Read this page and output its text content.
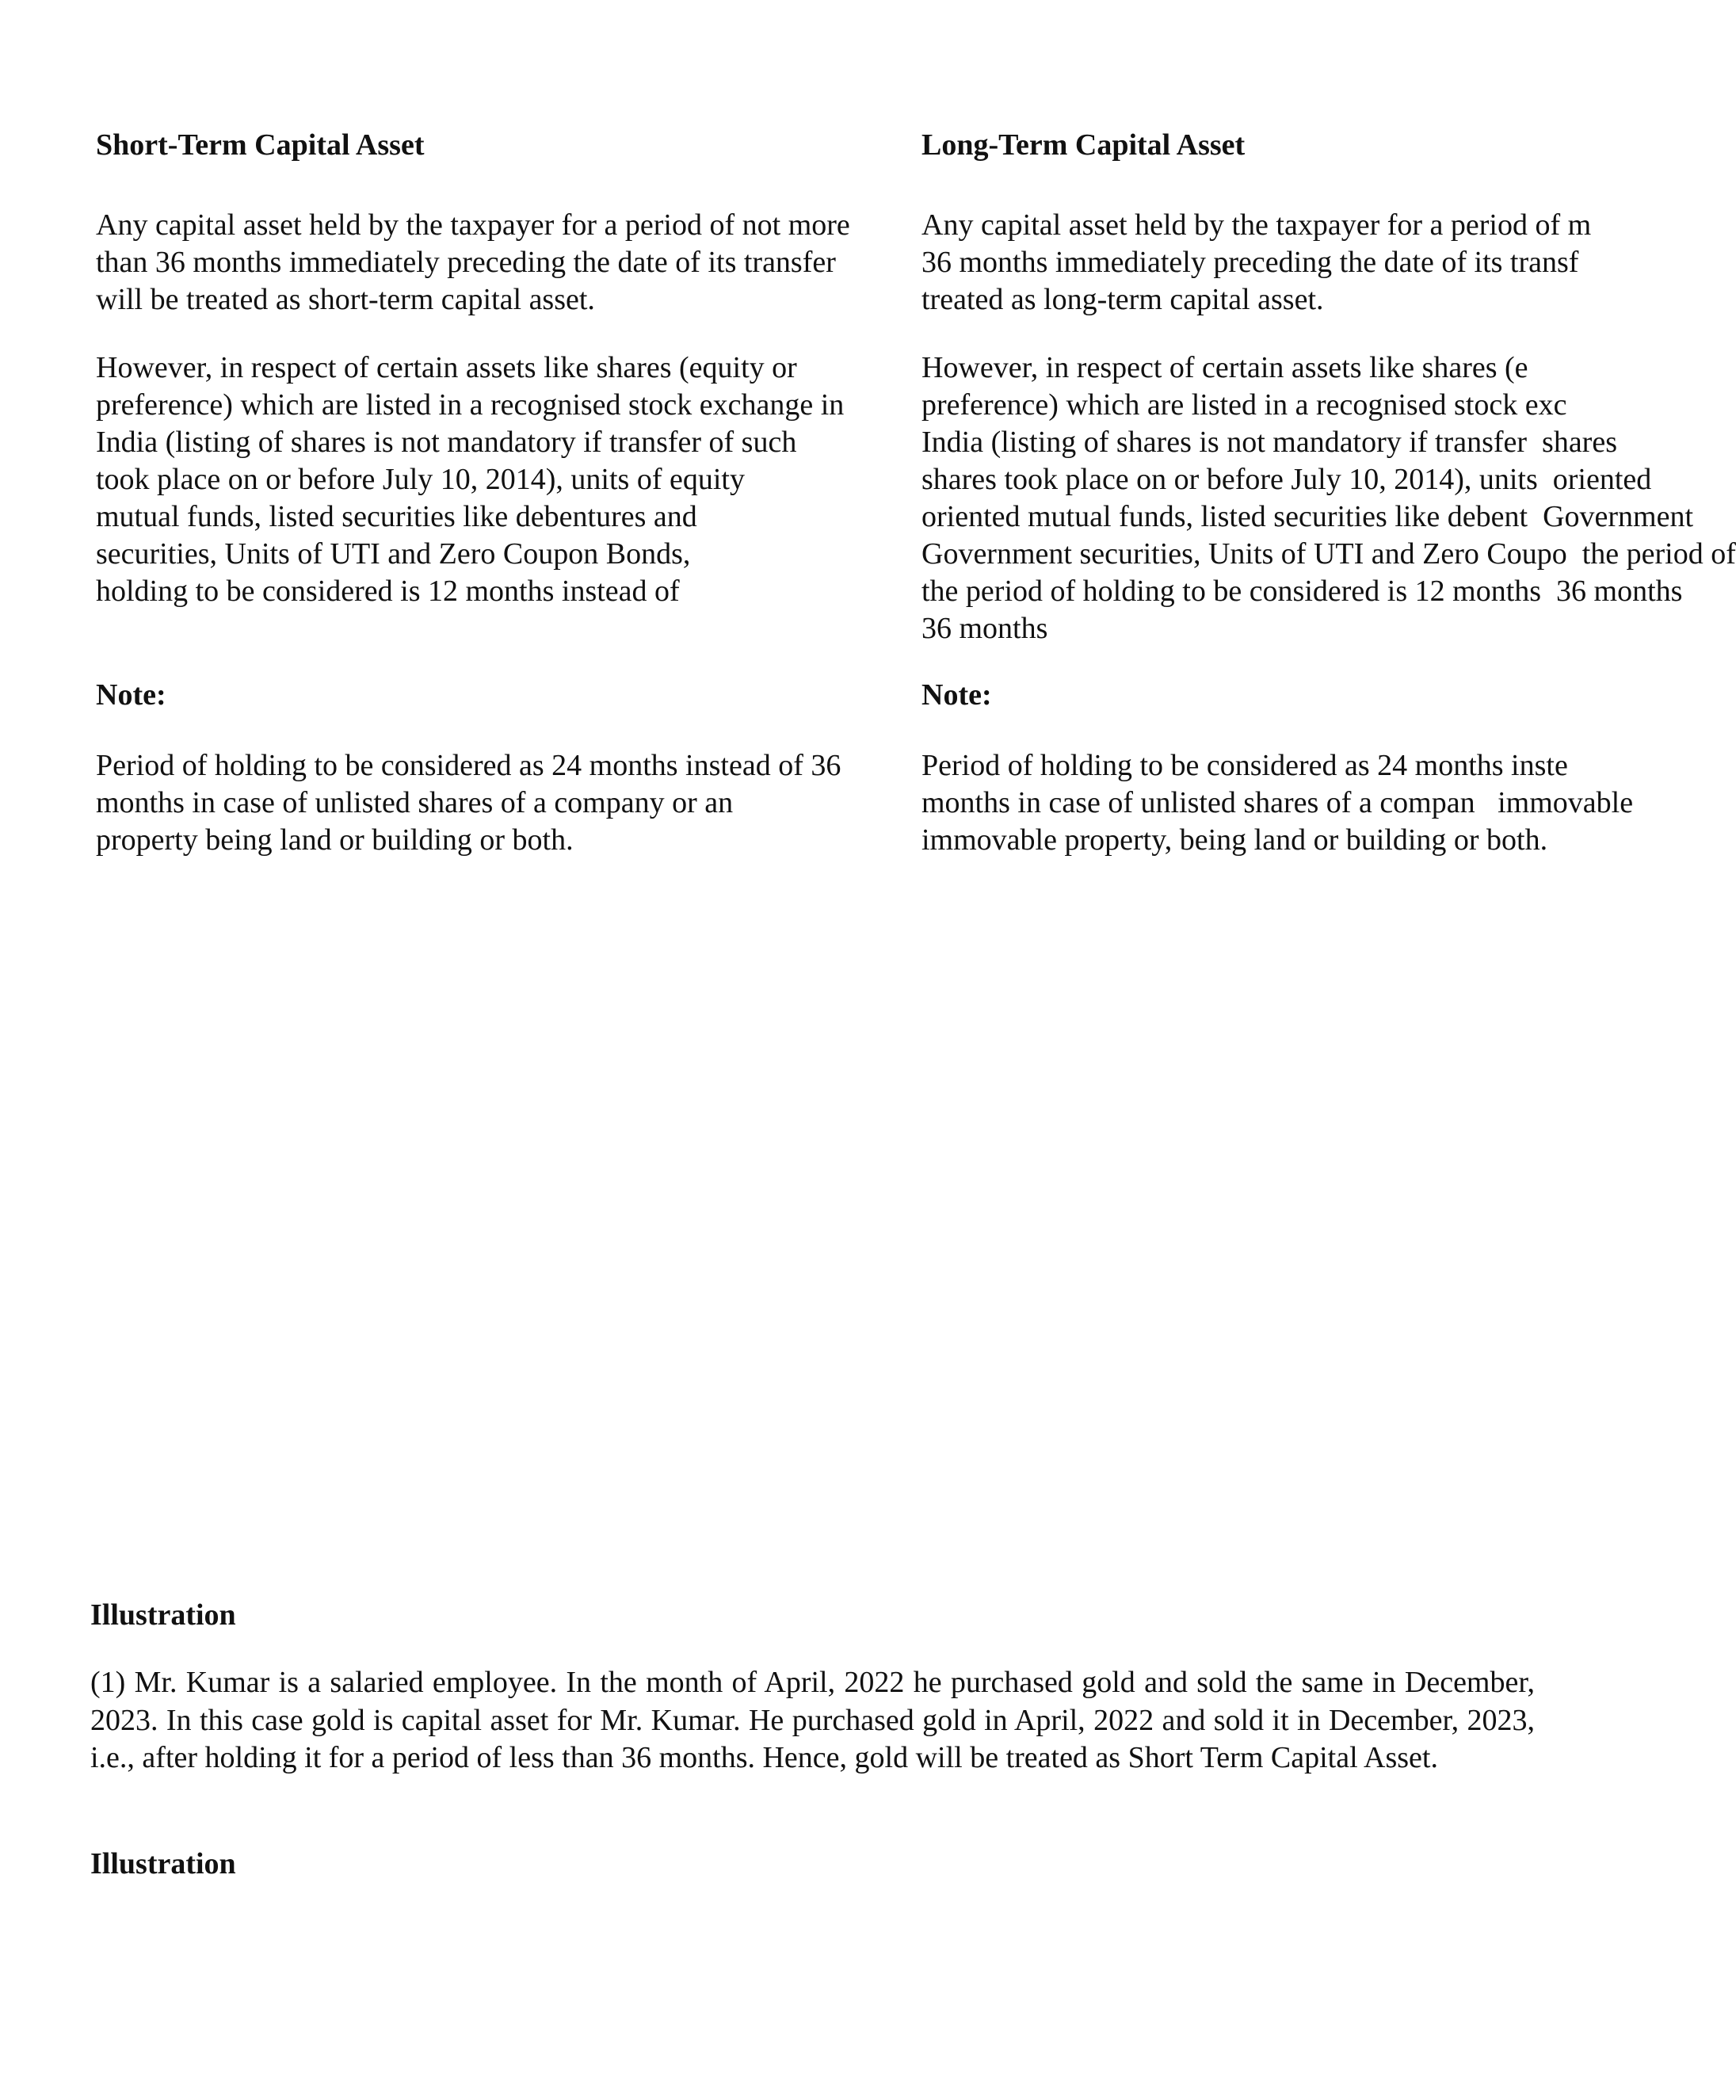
Short-Term Capital Asset	Long-Term Capital Asset
Any capital asset held by the taxpayer for a period of m
36 months immediately preceding the date of its transf
treated as long-term capital asset.
However, in respect of certain assets like shares (e
preference) which are listed in a recognised stock exc
India (listing of shares is not mandatory if transfer  shares
shares took place on or before July 10, 2014), units  oriented
oriented mutual funds, listed securities like debent  Government
Government securities, Units of UTI and Zero Coupo  the period of
the period of holding to be considered is 12 months  36 months
36 months
Note:
Period of holding to be considered as 24 months inste
months in case of unlisted shares of a compan   immovable
immovable property, being land or building or both.
Any capital asset held by the taxpayer for a period of not more
than 36 months immediately preceding the date of its transfer
will be treated as short-term capital asset.
However, in respect of certain assets like shares (equity or
preference) which are listed in a recognised stock exchange in
India (listing of shares is not mandatory if transfer of such
took place on or before July 10, 2014), units of equity
mutual funds, listed securities like debentures and
securities, Units of UTI and Zero Coupon Bonds,
holding to be considered is 12 months instead of
Note:
Period of holding to be considered as 24 months instead of 36
months in case of unlisted shares of a company or an
property being land or building or both.
Illustration

(1) Mr. Kumar is a salaried employee. In the month of April, 2022 he purchased gold and sold the same in December, 2023. In this case gold is capital asset for Mr. Kumar. He purchased gold in April, 2022 and sold it in December, 2023, i.e., after holding it for a period of less than 36 months. Hence, gold will be treated as Short Term Capital Asset.

Illustration
